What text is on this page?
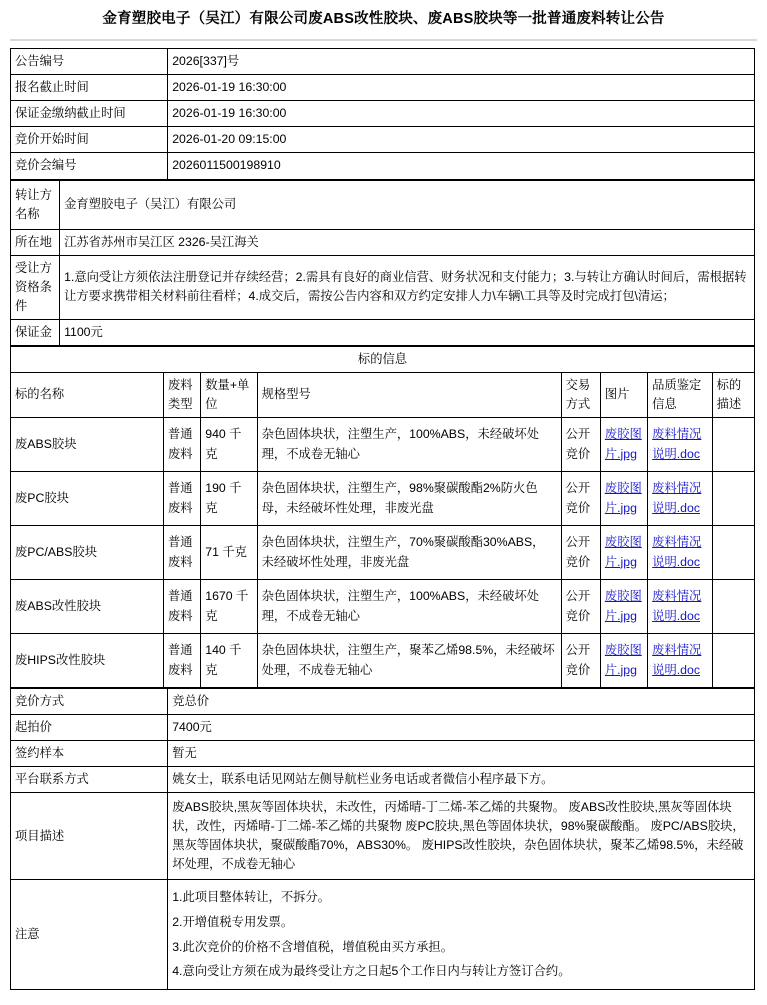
金育塑胶电子（吴江）有限公司废ABS改性胶块、废ABS胶块等一批普通废料转让公告
公告编号	2026[337]号
报名截止时间	2026-01-19 16:30:00
保证金缴纳截止时间	2026-01-19 16:30:00
竞价开始时间	2026-01-20 09:15:00
竞价会编号	2026011500198910
转让方名称	金育塑胶电子（吴江）有限公司
所在地	江苏省苏州市吴江区 2326-吴江海关
受让方资格条件	1.意向受让方须依法注册登记并存续经营；2.需具有良好的商业信营、财务状况和支付能力；3.与转让方确认时间后，需根据转让方要求携带相关材料前往看样；4.成交后，需按公告内容和双方约定安排人力\车辆\工具等及时完成打包\清运；
保证金	1100元
标的信息							
标的名称	废料类型	数量+单位	规格型号	交易方式	图片	品质鉴定信息	标的描述
废ABS胶块	普通废料	940 千克	杂色固体块状，注塑生产，100%ABS，未经破坏处理，不成卷无轴心	公开竞价	废胶图片.jpg	废料情况说明.doc	
废PC胶块	普通废料	190 千克	杂色固体块状，注塑生产，98%聚碳酸酯2%防火色母，未经破坏性处理，非废光盘	公开竞价	废胶图片.jpg	废料情况说明.doc	
废PC/ABS胶块	普通废料	71 千克	杂色固体块状，注塑生产，70%聚碳酸酯30%ABS，未经破坏性处理，非废光盘	公开竞价	废胶图片.jpg	废料情况说明.doc	
废ABS改性胶块	普通废料	1670 千克	杂色固体块状，注塑生产，100%ABS，未经破坏处理，不成卷无轴心	公开竞价	废胶图片.jpg	废料情况说明.doc	
废HIPS改性胶块	普通废料	140 千克	杂色固体块状，注塑生产，聚苯乙烯98.5%，未经破坏处理，不成卷无轴心	公开竞价	废胶图片.jpg	废料情况说明.doc	
竞价方式	竞总价
起拍价	7400元
签约样本	暂无
平台联系方式	姚女士，联系电话见网站左侧导航栏业务电话或者微信小程序最下方。
项目描述	废ABS胶块,黑灰等固体块状，未改性，丙烯晴-丁二烯-苯乙烯的共聚物。 废ABS改性胶块,黑灰等固体块状，改性，丙烯晴-丁二烯-苯乙烯的共聚物 废PC胶块,黑色等固体块状，98%聚碳酸酯。 废PC/ABS胶块，黑灰等固体块状，聚碳酸酯70%，ABS30%。 废HIPS改性胶块，杂色固体块状，聚苯乙烯98.5%，未经破坏处理，不成卷无轴心
注意	1.此项目整体转让，不拆分。
2.开增值税专用发票。
3.此次竞价的价格不含增值税，增值税由买方承担。
4.意向受让方须在成为最终受让方之日起5个工作日内与转让方签订合约。
